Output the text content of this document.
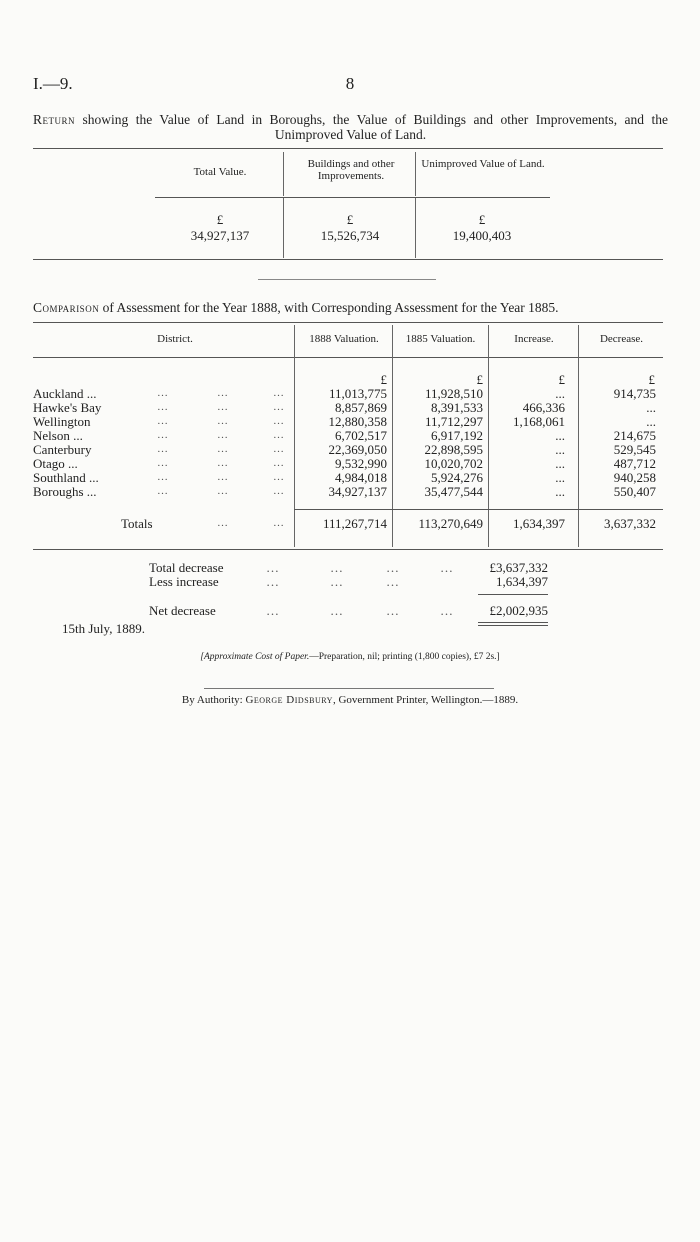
I.—9.	8
Return showing the Value of Land in Boroughs, the Value of Buildings and other Improvements, and the Unimproved Value of Land.
Total Value.
Buildings and other Improvements.
Unimproved Value of Land.
£	£	£
34,927,137	15,526,734	19,400,403
Comparison of Assessment for the Year 1888, with Corresponding Assessment for the Year 1885.
District.	1888 Valuation.	1885 Valuation.	Increase.	Decrease.
£	£	£	£
Auckland ...	…	…	…	11,013,775	11,928,510	...	914,735
Hawke's Bay	…	…	…	8,857,869	8,391,533	466,336	...
Wellington	…	…	…	12,880,358	11,712,297	1,168,061	...
Nelson ...	…	…	…	6,702,517	6,917,192	...	214,675
Canterbury	…	…	…	22,369,050	22,898,595	...	529,545
Otago ...	…	…	…	9,532,990	10,020,702	...	487,712
Southland ...	…	…	…	4,984,018	5,924,276	...	940,258
Boroughs ...	…	…	…	34,927,137	35,477,544	...	550,407
Totals	…	…	111,267,714	113,270,649	1,634,397	3,637,332
Total decrease	…	…	…	…	£3,637,332
Less increase	…	…	…	1,634,397
Net decrease	…	…	…	…	£2,002,935
15th July, 1889.
[Approximate Cost of Paper.—Preparation, nil; printing (1,800 copies), £7 2s.]
By Authority: George Didsbury, Government Printer, Wellington.—1889.
